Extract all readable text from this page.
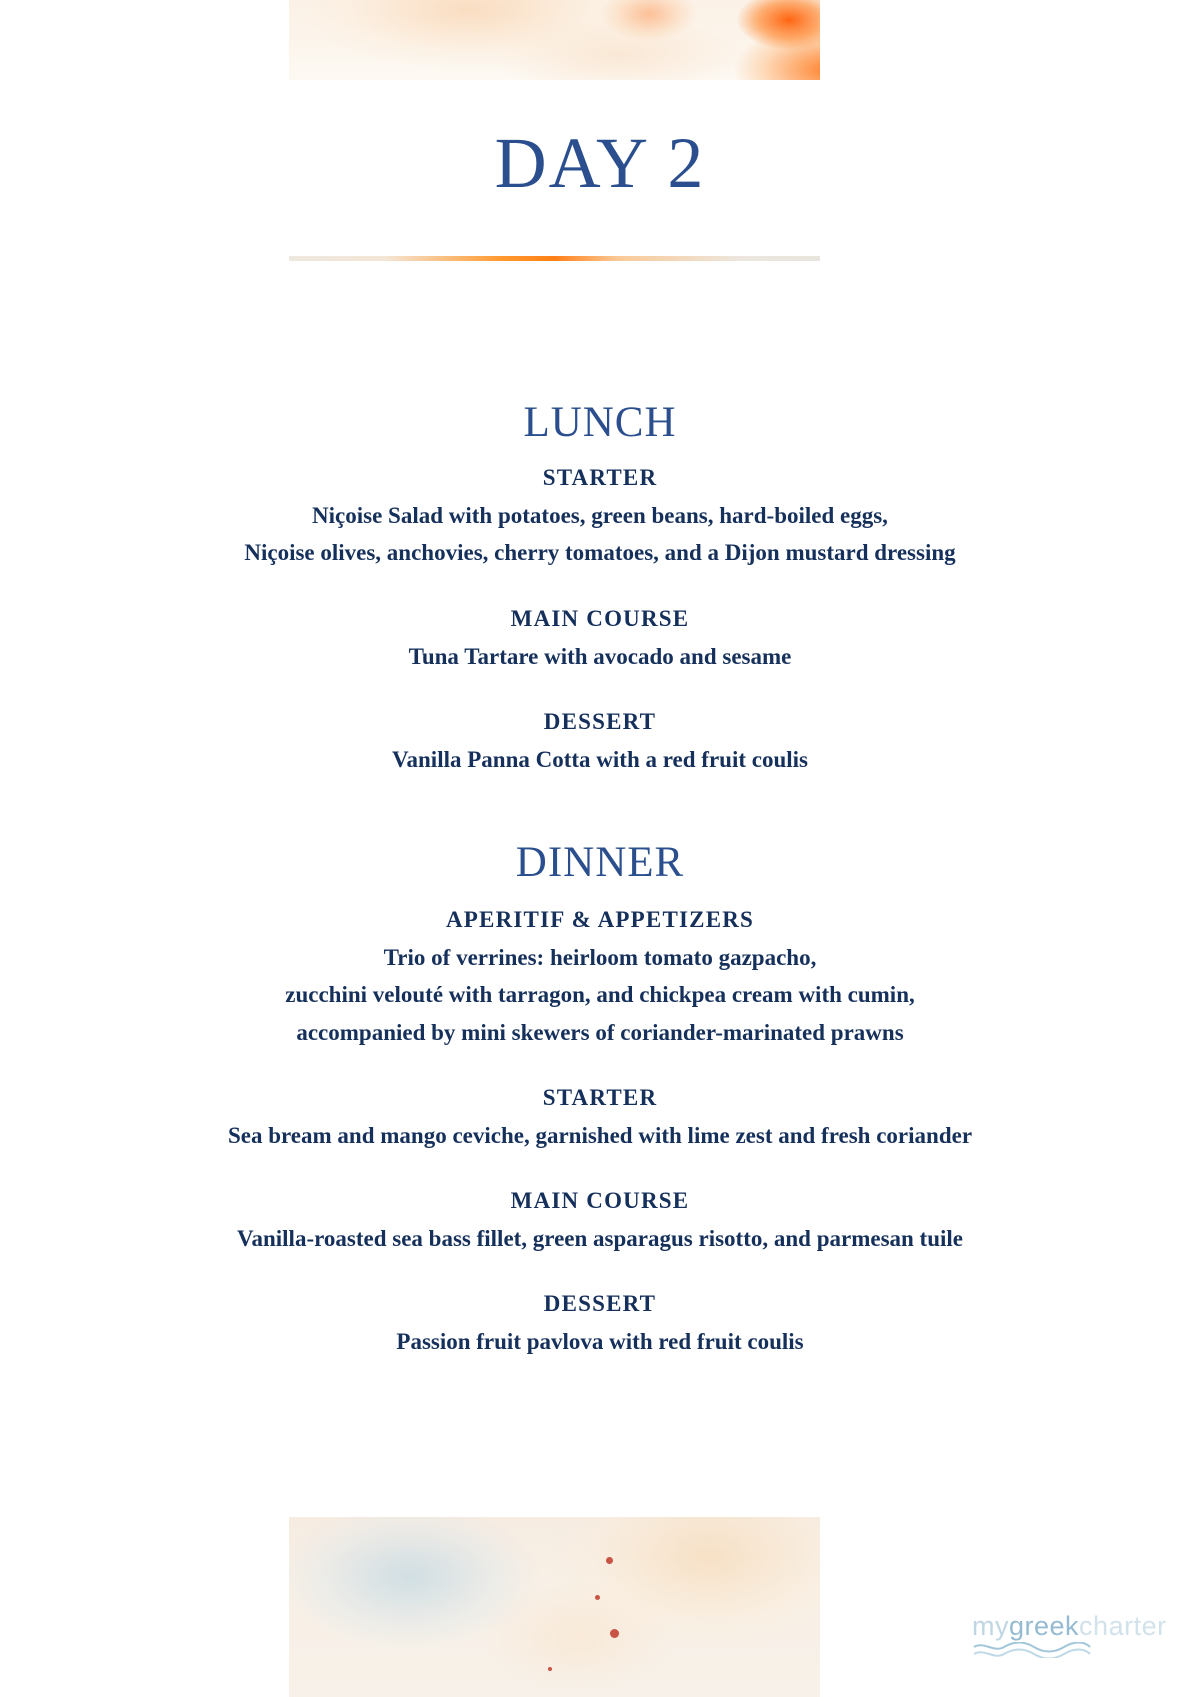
DAY 2
LUNCH
STARTER
Niçoise Salad with potatoes, green beans, hard-boiled eggs,
Niçoise olives, anchovies, cherry tomatoes, and a Dijon mustard dressing
MAIN COURSE
Tuna Tartare with avocado and sesame
DESSERT
Vanilla Panna Cotta with a red fruit coulis
DINNER
APERITIF & APPETIZERS
Trio of verrines: heirloom tomato gazpacho,
zucchini velouté with tarragon, and chickpea cream with cumin,
accompanied by mini skewers of coriander-marinated prawns
STARTER
Sea bream and mango ceviche, garnished with lime zest and fresh coriander
MAIN COURSE
Vanilla-roasted sea bass fillet, green asparagus risotto, and parmesan tuile
DESSERT
Passion fruit pavlova with red fruit coulis
mygreekcharter
